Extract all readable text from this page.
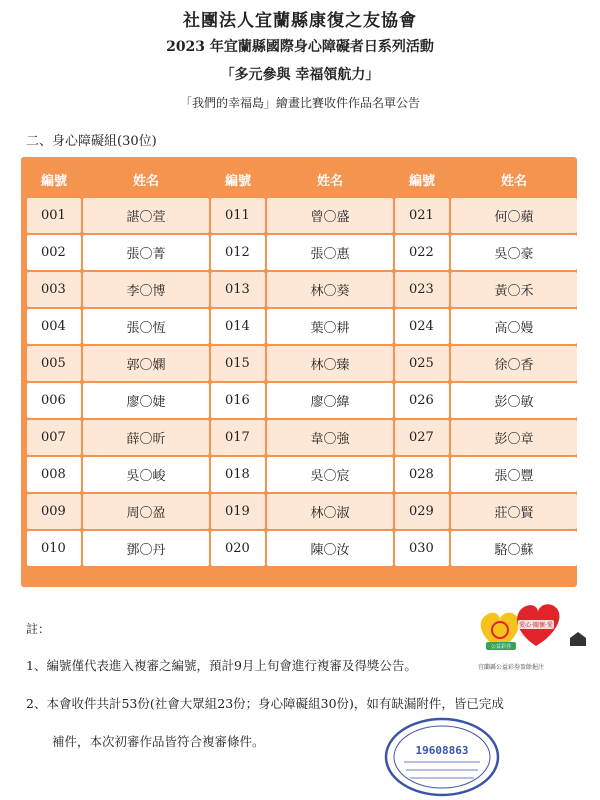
社團法人宜蘭縣康復之友協會
2023 年宜蘭縣國際身心障礙者日系列活動
「多元參與 幸福領航力」
「我們的幸福島」繪畫比賽收件作品名單公告
二、身心障礙組(30位)
編號	姓名	編號	姓名	編號	姓名
001	諶〇萱	011	曾〇盛	021	何〇蘋
002	張〇菁	012	張〇惠	022	吳〇豪
003	李〇博	013	林〇葵	023	黃〇禾
004	張〇恆	014	葉〇耕	024	高〇嫚
005	郭〇嫻	015	林〇臻	025	徐〇香
006	廖〇婕	016	廖〇緯	026	彭〇敏
007	薛〇昕	017	韋〇強	027	彭〇章
008	吳〇峻	018	吳〇宸	028	張〇豐
009	周〇盈	019	林〇淑	029	莊〇賢
010	鄧〇丹	020	陳〇汝	030	駱〇蘇
註：
1、編號僅代表進入複審之編號，預計9月上旬會進行複審及得獎公告。
2、本會收件共計53份(社會大眾組23份；身心障礙組30份)，如有缺漏附件，皆已完成
補件，本次初審作品皆符合複審條件。
愛心‧關懷‧愛
公益彩券
宜蘭縣公益彩券盈餘挹注
19608863
